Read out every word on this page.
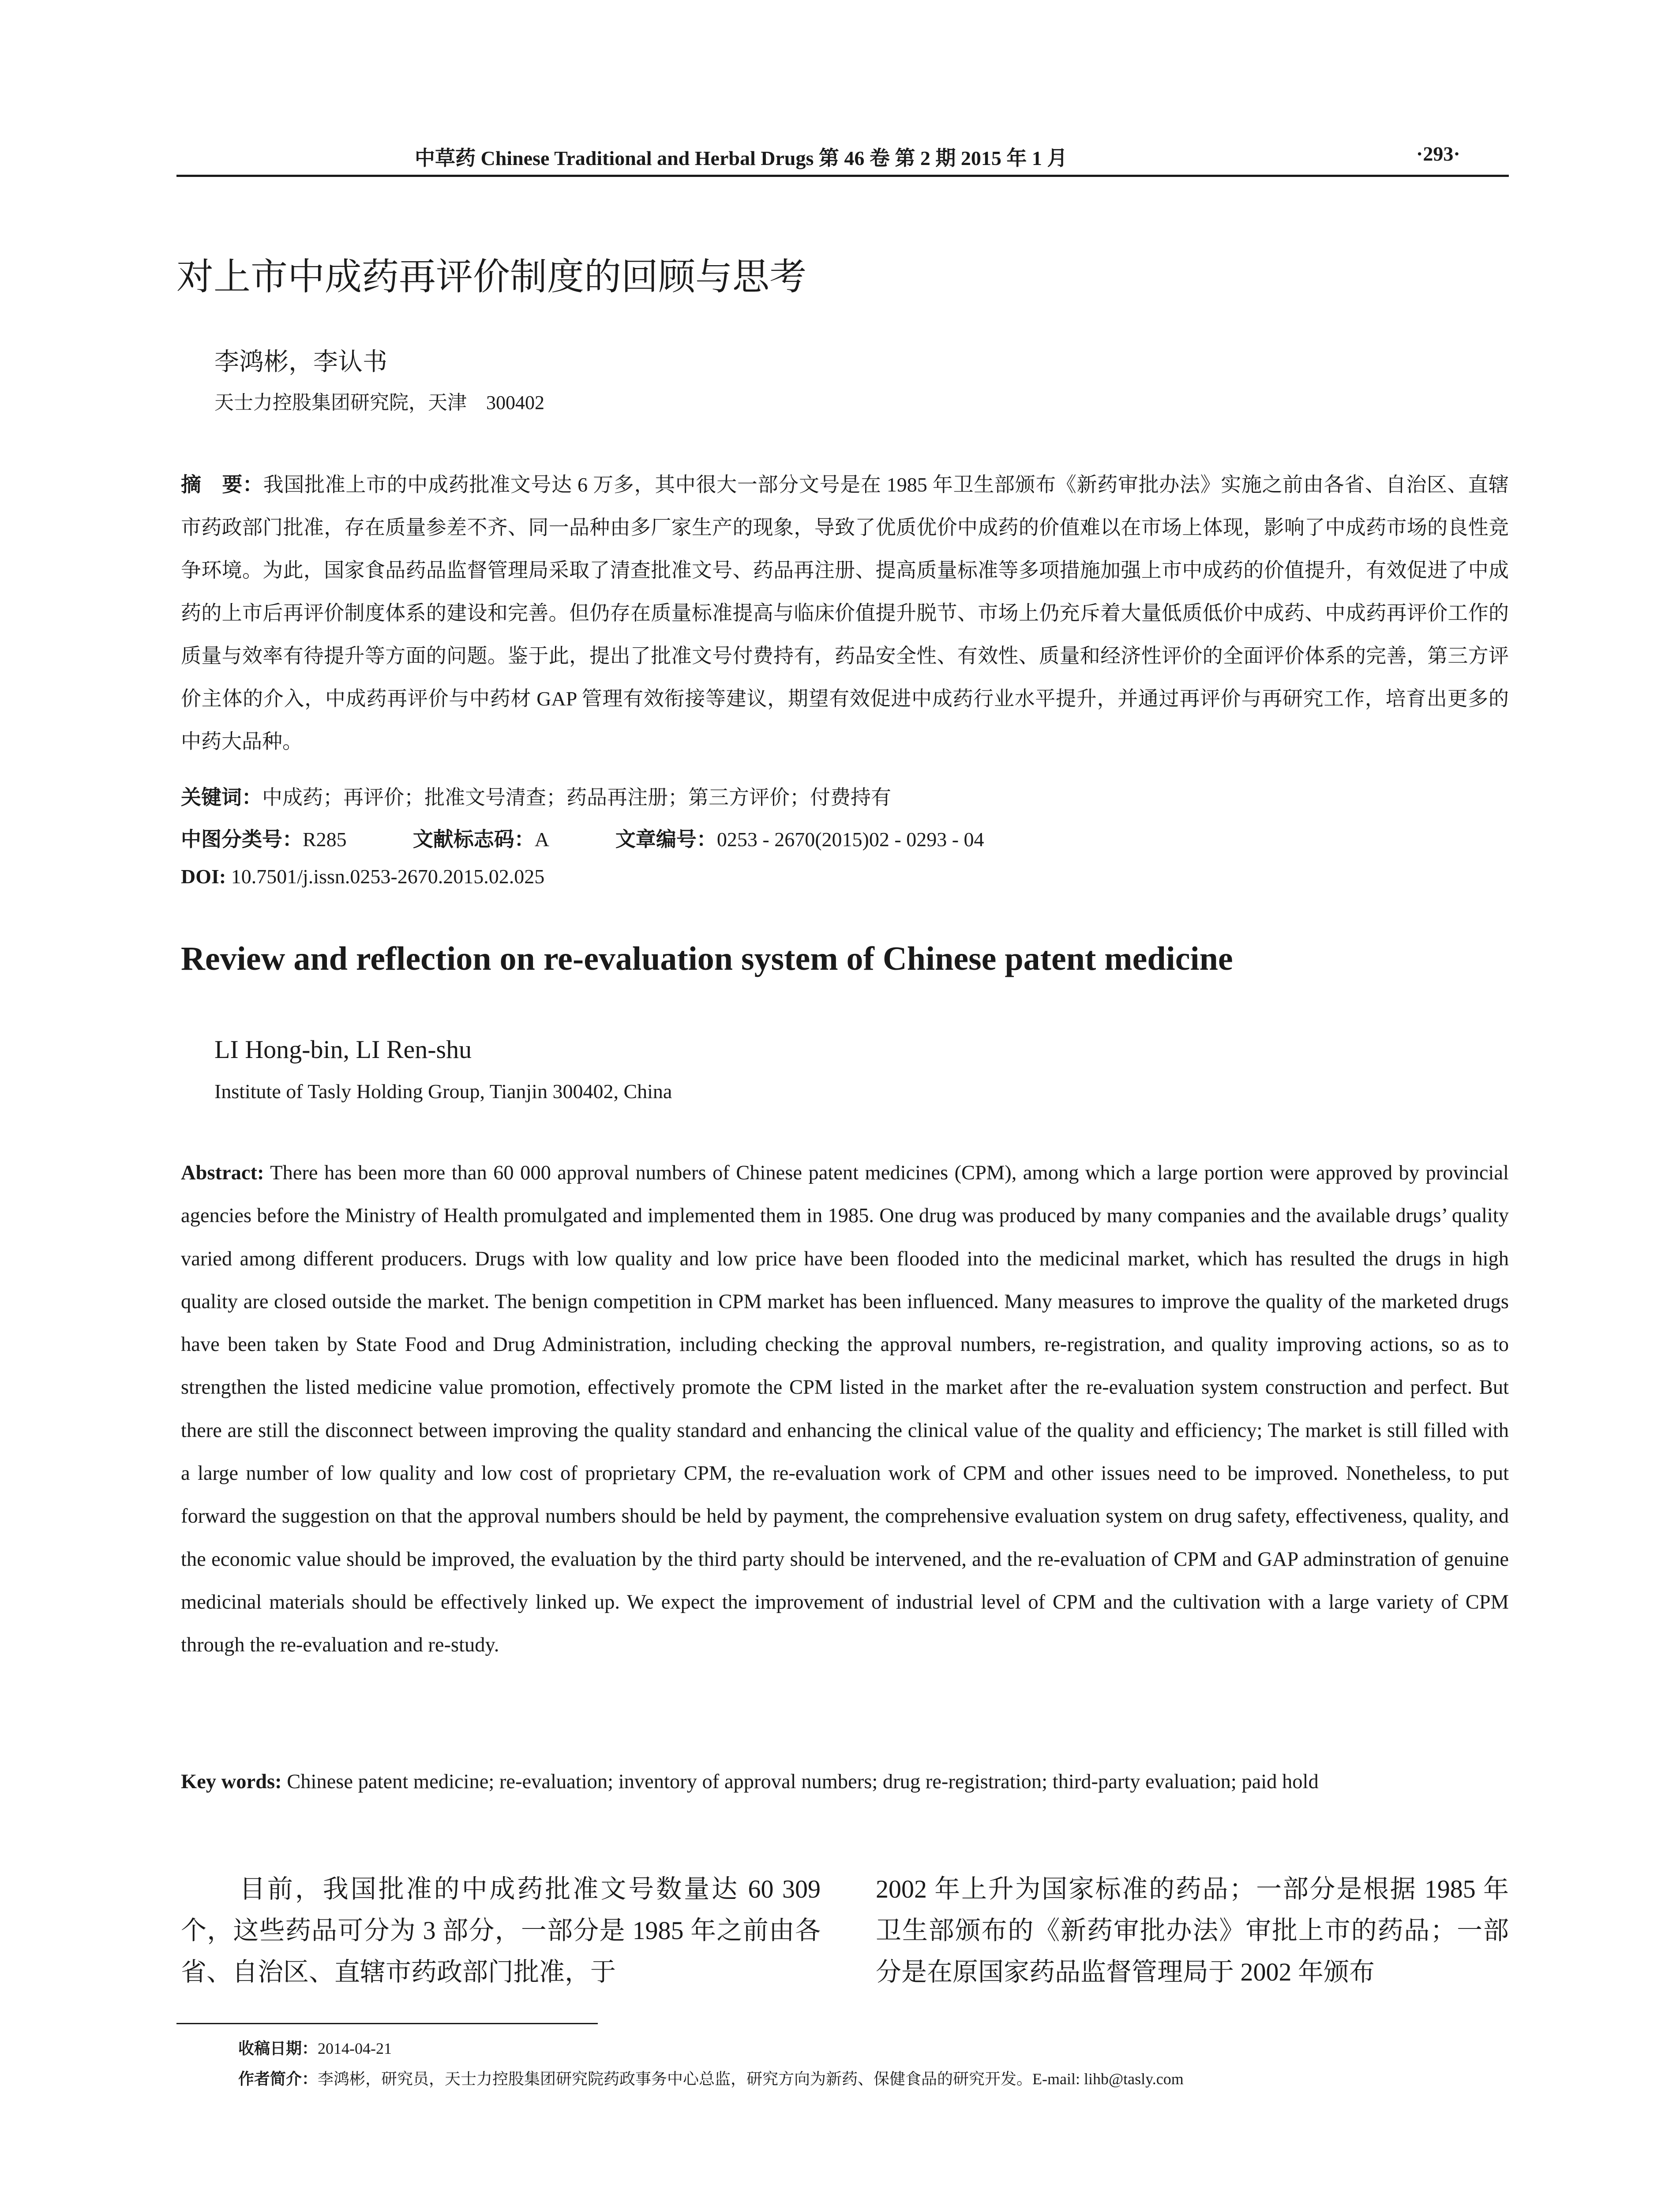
中草药 Chinese Traditional and Herbal Drugs 第 46 卷 第 2 期 2015 年 1 月	·293·
对上市中成药再评价制度的回顾与思考
李鸿彬，李认书
天士力控股集团研究院，天津　300402
摘　要：我国批准上市的中成药批准文号达 6 万多，其中很大一部分文号是在 1985 年卫生部颁布《新药审批办法》实施之前由各省、自治区、直辖市药政部门批准，存在质量参差不齐、同一品种由多厂家生产的现象，导致了优质优价中成药的价值难以在市场上体现，影响了中成药市场的良性竞争环境。为此，国家食品药品监督管理局采取了清查批准文号、药品再注册、提高质量标准等多项措施加强上市中成药的价值提升，有效促进了中成药的上市后再评价制度体系的建设和完善。但仍存在质量标准提高与临床价值提升脱节、市场上仍充斥着大量低质低价中成药、中成药再评价工作的质量与效率有待提升等方面的问题。鉴于此，提出了批准文号付费持有，药品安全性、有效性、质量和经济性评价的全面评价体系的完善，第三方评价主体的介入，中成药再评价与中药材 GAP 管理有效衔接等建议，期望有效促进中成药行业水平提升，并通过再评价与再研究工作，培育出更多的中药大品种。
关键词：中成药；再评价；批准文号清查；药品再注册；第三方评价；付费持有
中图分类号：R285	文献标志码：A	文章编号：0253 - 2670(2015)02 - 0293 - 04
DOI: 10.7501/j.issn.0253-2670.2015.02.025
Review and reflection on re-evaluation system of Chinese patent medicine
LI Hong-bin, LI Ren-shu
Institute of Tasly Holding Group, Tianjin 300402, China
Abstract: There has been more than 60 000 approval numbers of Chinese patent medicines (CPM), among which a large portion were approved by provincial agencies before the Ministry of Health promulgated and implemented them in 1985. One drug was produced by many companies and the available drugs’ quality varied among different producers. Drugs with low quality and low price have been flooded into the medicinal market, which has resulted the drugs in high quality are closed outside the market. The benign competition in CPM market has been influenced. Many measures to improve the quality of the marketed drugs have been taken by State Food and Drug Administration, including checking the approval numbers, re-registration, and quality improving actions, so as to strengthen the listed medicine value promotion, effectively promote the CPM listed in the market after the re-evaluation system construction and perfect. But there are still the disconnect between improving the quality standard and enhancing the clinical value of the quality and efficiency; The market is still filled with a large number of low quality and low cost of proprietary CPM, the re-evaluation work of CPM and other issues need to be improved. Nonetheless, to put forward the suggestion on that the approval numbers should be held by payment, the comprehensive evaluation system on drug safety, effectiveness, quality, and the economic value should be improved, the evaluation by the third party should be intervened, and the re-evaluation of CPM and GAP adminstration of genuine medicinal materials should be effectively linked up. We expect the improvement of industrial level of CPM and the cultivation with a large variety of CPM through the re-evaluation and re-study.
Key words: Chinese patent medicine; re-evaluation; inventory of approval numbers; drug re-registration; third-party evaluation; paid hold
目前，我国批准的中成药批准文号数量达 60 309 个，这些药品可分为 3 部分，一部分是 1985 年之前由各省、自治区、直辖市药政部门批准，于
2002 年上升为国家标准的药品；一部分是根据 1985 年卫生部颁布的《新药审批办法》审批上市的药品；一部分是在原国家药品监督管理局于 2002 年颁布
收稿日期：2014-04-21
作者简介：李鸿彬，研究员，天士力控股集团研究院药政事务中心总监，研究方向为新药、保健食品的研究开发。E-mail: lihb@tasly.com
